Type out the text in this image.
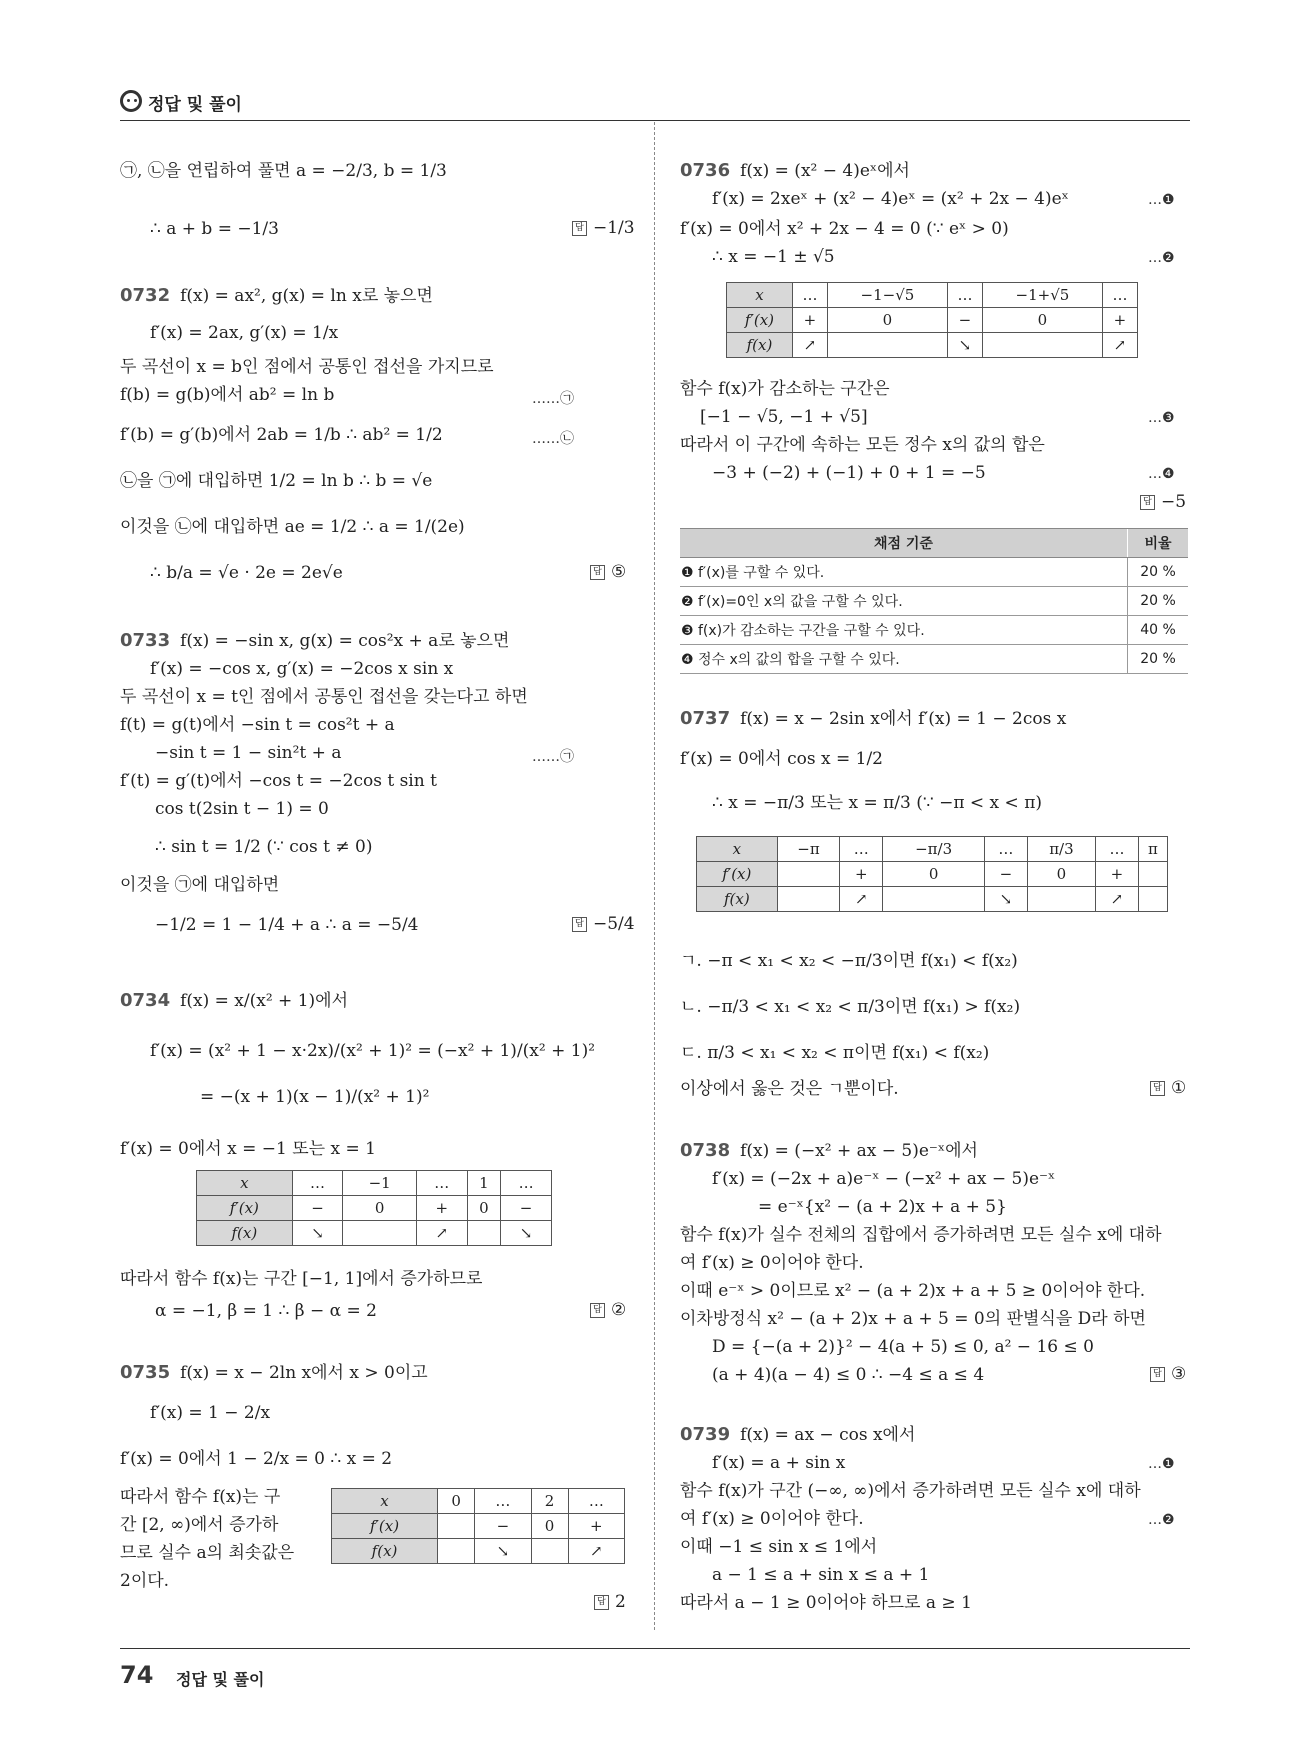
정답 및 풀이
㉠, ㉡을 연립하여 풀면 a = −2/3, b = 1/3
∴ a + b = −1/3
0732 f(x) = ax², g(x) = ln x로 놓으면
f′(x) = 2ax, g′(x) = 1/x
두 곡선이 x = b인 점에서 공통인 접선을 가지므로
f(b) = g(b)에서 ab² = ln b
f′(b) = g′(b)에서 2ab = 1/b ∴ ab² = 1/2
㉡을 ㉠에 대입하면 1/2 = ln b ∴ b = √e
이것을 ㉡에 대입하면 ae = 1/2 ∴ a = 1/(2e)
∴ b/a = √e · 2e = 2e√e
0733 f(x) = −sin x, g(x) = cos²x + a로 놓으면
f′(x) = −cos x, g′(x) = −2cos x sin x
두 곡선이 x = t인 점에서 공통인 접선을 갖는다고 하면
f(t) = g(t)에서 −sin t = cos²t + a
−sin t = 1 − sin²t + a
f′(t) = g′(t)에서 −cos t = −2cos t sin t
cos t(2sin t − 1) = 0
∴ sin t = 1/2 (∵ cos t ≠ 0)
이것을 ㉠에 대입하면
−1/2 = 1 − 1/4 + a ∴ a = −5/4
0734 f(x) = x/(x² + 1)에서
f′(x) = (x² + 1 − x·2x)/(x² + 1)² = (−x² + 1)/(x² + 1)²
= −(x + 1)(x − 1)/(x² + 1)²
f′(x) = 0에서 x = −1 또는 x = 1
x	…	−1	…	1	…
f′(x)	−	0	+	0	−
f(x)	↘		↗		↘
따라서 함수 f(x)는 구간 [−1, 1]에서 증가하므로
α = −1, β = 1 ∴ β − α = 2
0735 f(x) = x − 2ln x에서 x > 0이고
f′(x) = 1 − 2/x
f′(x) = 0에서 1 − 2/x = 0 ∴ x = 2
따라서 함수 f(x)는 구
간 [2, ∞)에서 증가하
므로 실수 a의 최솟값은
2이다.
x	0	…	2	…
f′(x)		−	0	+
f(x)		↘		↗
……㉠
……㉡
……㉠
답 −1/3
답 ⑤
답 −5/4
답 ②
답 2
0736 f(x) = (x² − 4)eˣ에서
f′(x) = 2xeˣ + (x² − 4)eˣ = (x² + 2x − 4)eˣ
f′(x) = 0에서 x² + 2x − 4 = 0 (∵ eˣ > 0)
∴ x = −1 ± √5
x	…	−1−√5	…	−1+√5	…
f′(x)	+	0	−	0	+
f(x)	↗		↘		↗
함수 f(x)가 감소하는 구간은
[−1 − √5, −1 + √5]
따라서 이 구간에 속하는 모든 정수 x의 값의 합은
−3 + (−2) + (−1) + 0 + 1 = −5
채점 기준	비율
❶ f′(x)를 구할 수 있다.	20 %
❷ f′(x)=0인 x의 값을 구할 수 있다.	20 %
❸ f(x)가 감소하는 구간을 구할 수 있다.	40 %
❹ 정수 x의 값의 합을 구할 수 있다.	20 %
0737 f(x) = x − 2sin x에서 f′(x) = 1 − 2cos x
f′(x) = 0에서 cos x = 1/2
∴ x = −π/3 또는 x = π/3 (∵ −π < x < π)
x	−π	…	−π/3	…	π/3	…	π
f′(x)		+	0	−	0	+	
f(x)		↗		↘		↗	
ㄱ. −π < x₁ < x₂ < −π/3이면 f(x₁) < f(x₂)
ㄴ. −π/3 < x₁ < x₂ < π/3이면 f(x₁) > f(x₂)
ㄷ. π/3 < x₁ < x₂ < π이면 f(x₁) < f(x₂)
이상에서 옳은 것은 ㄱ뿐이다.
0738 f(x) = (−x² + ax − 5)e⁻ˣ에서
f′(x) = (−2x + a)e⁻ˣ − (−x² + ax − 5)e⁻ˣ
= e⁻ˣ{x² − (a + 2)x + a + 5}
함수 f(x)가 실수 전체의 집합에서 증가하려면 모든 실수 x에 대하
여 f′(x) ≥ 0이어야 한다.
이때 e⁻ˣ > 0이므로 x² − (a + 2)x + a + 5 ≥ 0이어야 한다.
이차방정식 x² − (a + 2)x + a + 5 = 0의 판별식을 D라 하면
D = {−(a + 2)}² − 4(a + 5) ≤ 0, a² − 16 ≤ 0
(a + 4)(a − 4) ≤ 0 ∴ −4 ≤ a ≤ 4
0739 f(x) = ax − cos x에서
f′(x) = a + sin x
함수 f(x)가 구간 (−∞, ∞)에서 증가하려면 모든 실수 x에 대하
여 f′(x) ≥ 0이어야 한다.
이때 −1 ≤ sin x ≤ 1에서
a − 1 ≤ a + sin x ≤ a + 1
따라서 a − 1 ≥ 0이어야 하므로 a ≥ 1
…❶
…❷
…❸
…❹
…❶
…❷
답 −5
답 ①
답 ③
74 정답 및 풀이
